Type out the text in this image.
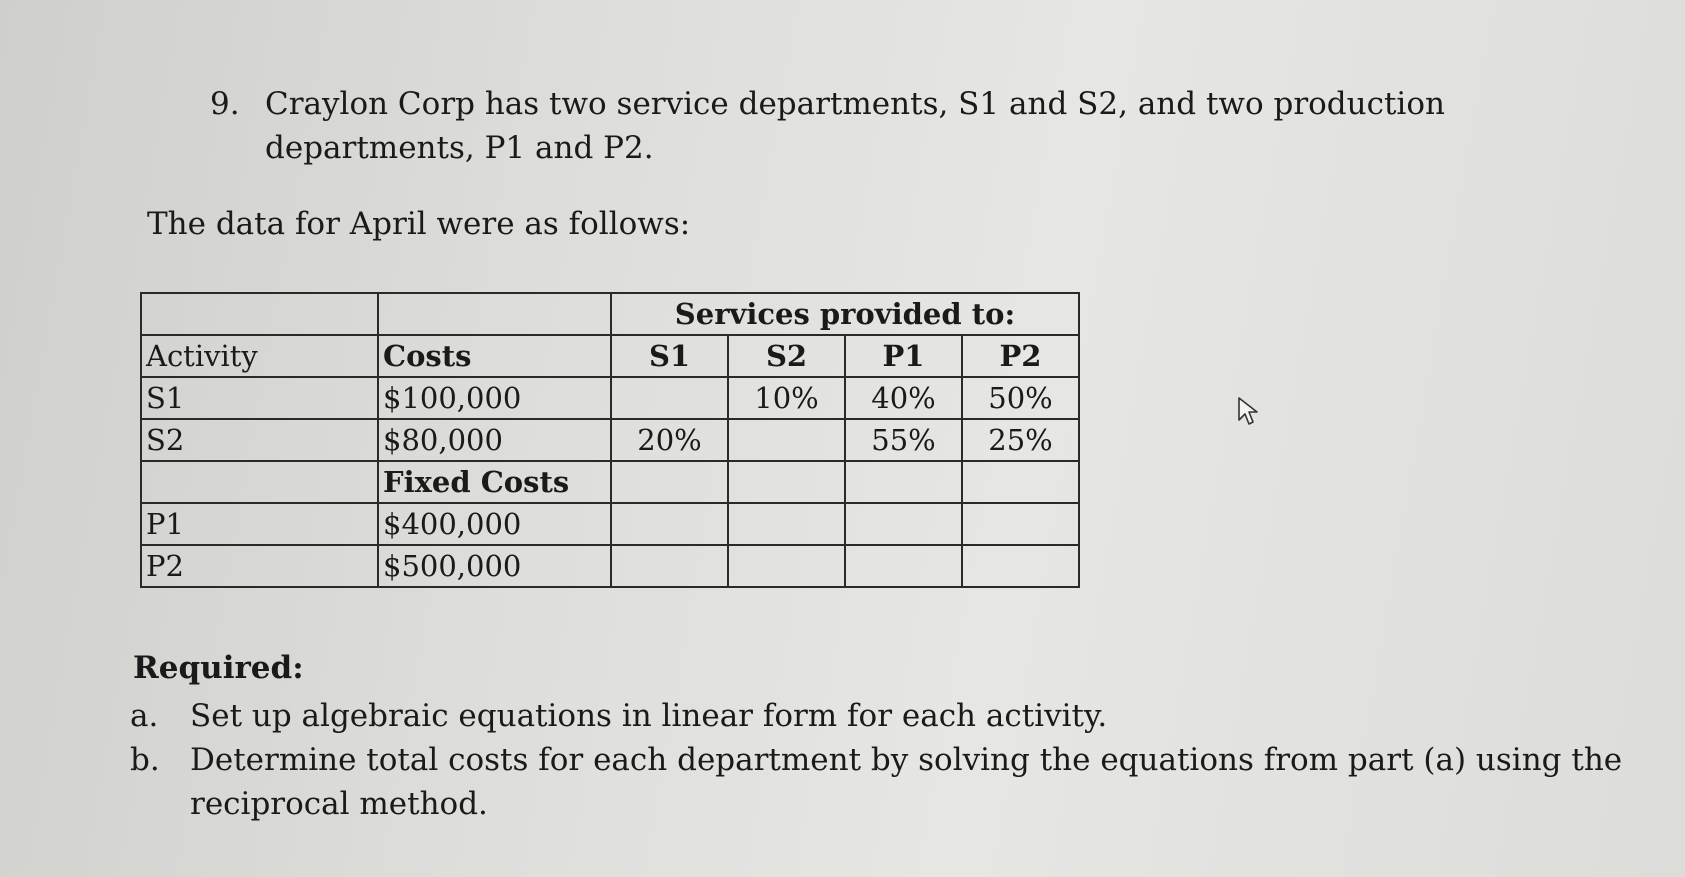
9. Craylon Corp has two service departments, S1 and S2, and two production departments, P1 and P2.
The data for April were as follows:
		Services provided to:			
Activity	Costs	S1	S2	P1	P2
S1	$100,000		10%	40%	50%
S2	$80,000	20%		55%	25%
	Fixed Costs				
P1	$400,000				
P2	$500,000				
Required:
a. Set up algebraic equations in linear form for each activity.
b. Determine total costs for each department by solving the equations from part (a) using the reciprocal method.
